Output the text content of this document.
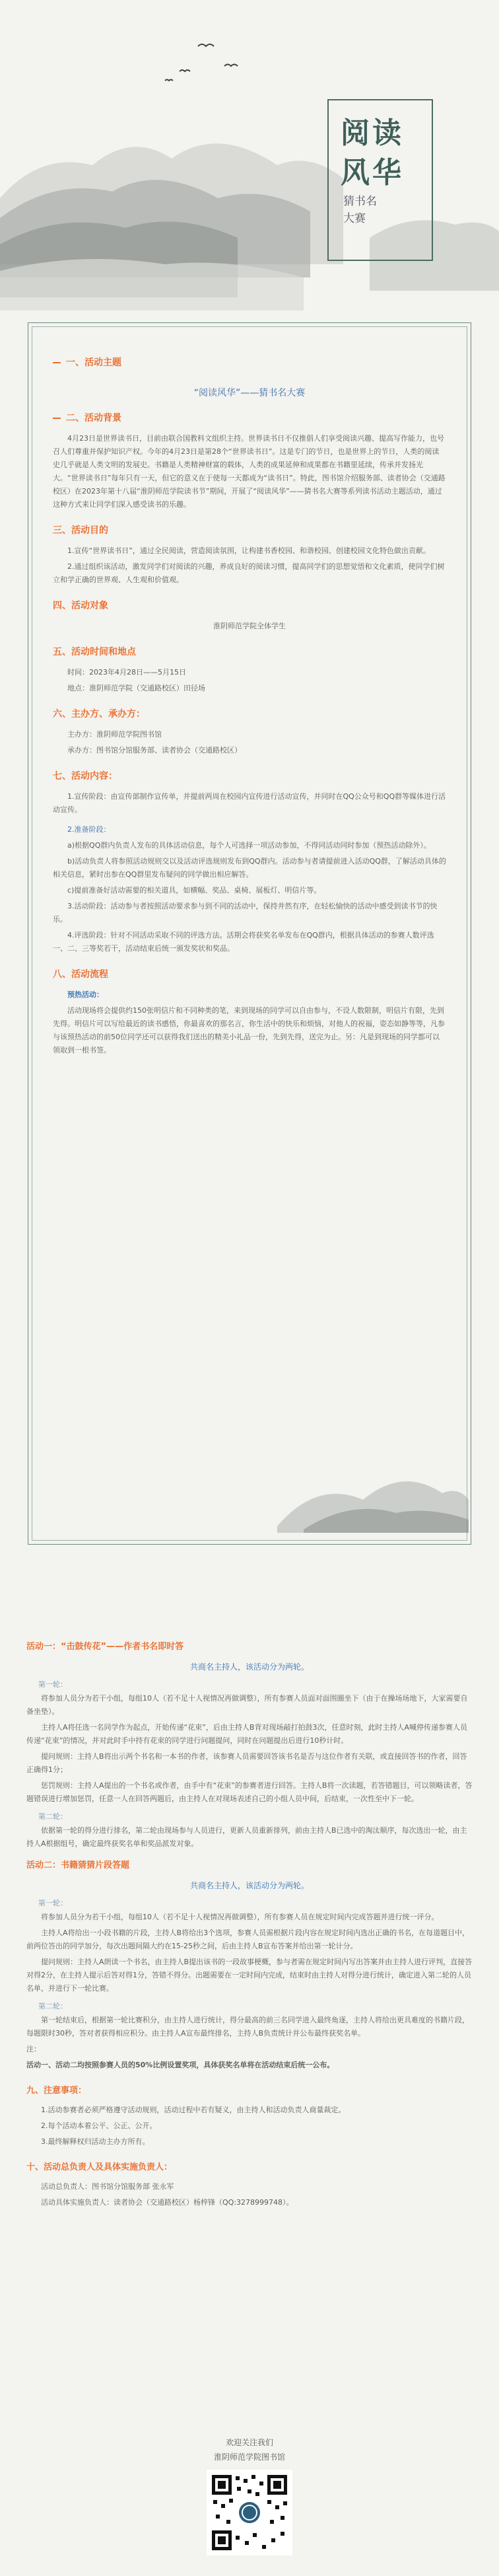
阅读
风华
猜书名
大赛
一、活动主题
“阅读风华”——猜书名大赛
二、活动背景

4月23日是世界读书日，目前由联合国教科文组织主持。世界读书日不仅推倡人们享受阅读兴趣、提高写作能力，也号召人们尊重并保护知识产权。今年的4月23日是第28个“世界读书日”。这是专门的节日，也是世界上的节日，人类的阅读史几乎就是人类文明的发展史。书籍是人类精神财富的载体，人类的成果延伸和成果都在书籍里延续，传承并发扬光大。“世界读书日”每年只有一天，但它的意义在于使每一天都成为“读书日”。特此，图书馆介绍服务部、读者协会（交通路校区）在2023年第十八届“淮阴师范学院读书节”期间，开展了“阅读风华”——猜书名大赛等系列读书活动主题活动，通过这种方式来让同学们深入感受读书的乐趣。

三、活动目的

1.宣传“世界读书日”，通过全民阅读，营造阅读氛围，让构建书香校园、和谐校园、创建校园文化特色做出贡献。

2.通过组织该活动，激发同学们对阅读的兴趣，养成良好的阅读习惯，提高同学们的思想觉悟和文化素质，使同学们树立和学正确的世界观、人生观和价值观。

四、活动对象

淮阴师范学院全体学生

五、活动时间和地点

时间：2023年4月28日——5月15日

地点：淮阴师范学院（交通路校区）田径场

六、主办方、承办方：

主办方：淮阴师范学院图书馆

承办方：图书馆分馆服务部、读者协会（交通路校区）

七、活动内容：

1.宣传阶段：由宣传部制作宣传单，并提前两周在校园内宣传进行活动宣传，并同时在QQ公众号和QQ群等媒体进行活动宣传。

2.准备阶段：

a)根据QQ群内负责人发布的具体活动信息，每个人可选择一项活动参加，不得同活动同时参加（预热活动除外）。

b)活动负责人将参照活动规则交以及活动评选规则发布到QQ群内。活动参与者请提前进入活动QQ群，了解活动具体的相关信息，紧时出参在QQ群里发布疑问的同学做出相应解答。

c)提前准备好活动需要的相关道具，如横幅、奖品、桌椅、展板灯、明信片等。

3.活动阶段：活动参与者按照活动要求参与到不同的活动中，保持井然有序，在轻松愉快的活动中感受到读书节的快乐。

4.评选阶段：针对不同活动采取不同的评选方法。活期会将获奖名单发布在QQ群内，根据具体活动的参赛人数评选一、二、三等奖若干，活动结束后统一颁发奖状和奖品。

八、活动流程

预热活动：

活动现场将会提供约150张明信片和不同种类的笔，来到现场的同学可以自由参与，不设人数限制，明信片有限，先到先得。明信片可以写给最近的读书感悟，你最喜欢的那名言，你生活中的快乐和烦恼，对他人的祝福，姿态如静等等，凡参与该预热活动的前50位同学还可以获得我们送出的精美小礼品一份，先到先得，送完为止。另：凡是到现场的同学都可以领取到一根书签。

活动一：“击鼓传花”——作者书名即时答
共商名主持人，该活动分为两轮。
第一轮：

将参加人员分为若干小组，每组10人（若不足十人视情况再做调整），所有参赛人员面对面围圈坐下（由于在操场场地下，大家需要自备坐垫）。

主持人A将任选一名同学作为起点，开始传递“花束”，后由主持人B背对现场敲打拍鼓3次，任意时刻，此时主持人A喊停传递参赛人员传递“花束”的情况，并对此时手中持有花束的同学进行问题提问，同时在问题提出后进行10秒计时。

提问规则：主持人B将出示两个书名和一本书的作者，该参赛人员需要回答该书名是否与这位作者有关联，或直接回答书的作者，回答正确得1分；

惩罚规则：主持人A提出的一个书名或作者，由手中有“花束”的参赛者进行回答。主持人B将一次读题，若答错题目，可以领略读者，答题错误进行增加惩罚，任意一人在回答两题后，由主持人在对现场表述自己的小组人员中间，后结束，一次性至中下一轮。

第二轮：

依据第一轮的得分进行排名，第二轮由现场参与人员进行，更新人员重新排列，前由主持人B已选中的淘汰顺序，每次选出一轮，由主持人A根据组号，确定最终获奖名单和奖品派发对象。

活动二：书籍猜猜片段答题
共商名主持人，该活动分为两轮。
第一轮：

将参加人员分为若干小组，每组10人（若不足十人视情况再做调整），所有参赛人员在规定时间内完成答题并进行统一评分。

主持人A将给出一小段书籍的片段，主持人B将给出3个选项，参赛人员需根据片段内容在规定时间内选出正确的书名，在每道题目中，前两位答出的同学加分，每次出题间隔大约在15-25秒之间，后由主持人B宣布答案并给出第一轮计分。

提问规则：主持人A朗读一个书名，由主持人B提出该书的一段故事梗概，参与者需在规定时间内写出答案并由主持人进行评判，直接答对得2分，在主持人提示后答对得1分，答错不得分。出题需要在一定时间内完成，结束时由主持人对得分进行统计，确定进入第二轮的人员名单，并进行下一轮比赛。

第二轮：

第一轮结束后，根据第一轮比赛积分，由主持人进行统计，得分最高的前三名同学进入最终角逐，主持人将给出更具难度的书籍片段，每题限时30秒，答对者获得相应积分。由主持人A宣布最终排名，主持人B负责统计并公布最终获奖名单。

注：

活动一、活动二均按照参赛人员的50%比例设置奖项，具体获奖名单将在活动结束后统一公布。

九、注意事项：

1.活动参赛者必须严格遵守活动规则，活动过程中若有疑义，由主持人和活动负责人商量裁定。

2.每个活动本着公平、公正、公开。

3.最终解释权归活动主办方所有。

十、活动总负责人及具体实施负责人：

活动总负责人：图书馆分馆服务部 张永军

活动具体实施负责人：读者协会（交通路校区）杨梓锋（QQ:3278999748）。

欢迎关注我们
淮阴师范学院图书馆
